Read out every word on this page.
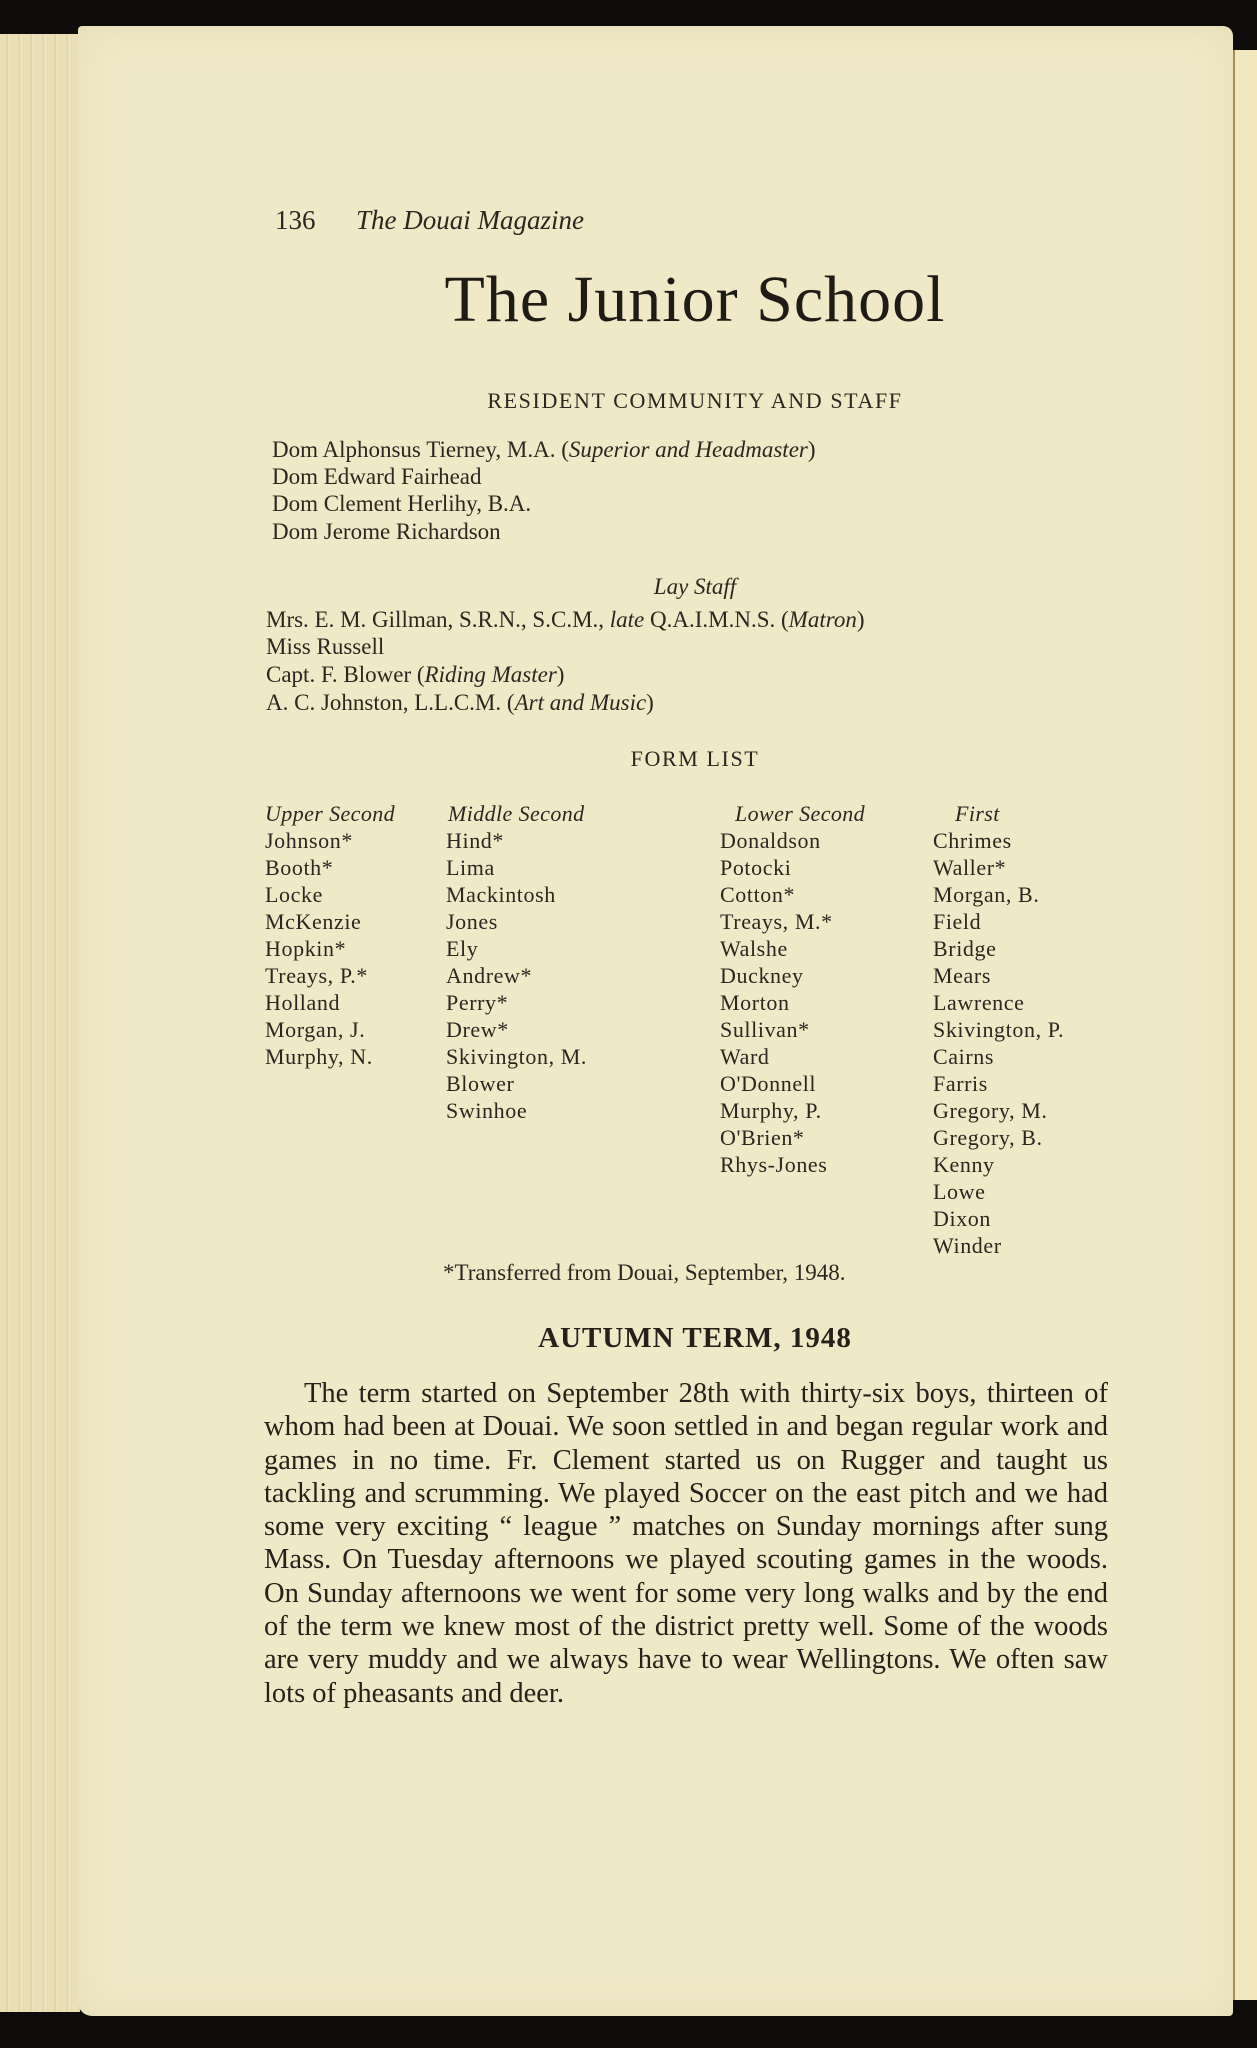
136 The Douai Magazine
The Junior School
RESIDENT COMMUNITY AND STAFF
Dom Alphonsus Tierney, M.A. (Superior and Headmaster)
Dom Edward Fairhead
Dom Clement Herlihy, B.A.
Dom Jerome Richardson
Lay Staff
Mrs. E. M. Gillman, S.R.N., S.C.M., late Q.A.I.M.N.S. (Matron)
Miss Russell
Capt. F. Blower (Riding Master)
A. C. Johnston, L.L.C.M. (Art and Music)
FORM LIST
Upper Second
Johnson*
Booth*
Locke
McKenzie
Hopkin*
Treays, P.*
Holland
Morgan, J.
Murphy, N.
Middle Second
Hind*
Lima
Mackintosh
Jones
Ely
Andrew*
Perry*
Drew*
Skivington, M.
Blower
Swinhoe
Lower Second
Donaldson
Potocki
Cotton*
Treays, M.*
Walshe
Duckney
Morton
Sullivan*
Ward
O'Donnell
Murphy, P.
O'Brien*
Rhys-Jones
First
Chrimes
Waller*
Morgan, B.
Field
Bridge
Mears
Lawrence
Skivington, P.
Cairns
Farris
Gregory, M.
Gregory, B.
Kenny
Lowe
Dixon
Winder
*Transferred from Douai, September, 1948.
AUTUMN TERM, 1948
The term started on September 28th with thirty-six boys, thirteen of whom had been at Douai. We soon settled in and began regular work and games in no time. Fr. Clement started us on Rugger and taught us tackling and scrumming. We played Soccer on the east pitch and we had some very exciting “ league ” matches on Sunday mornings after sung Mass. On Tuesday afternoons we played scouting games in the woods. On Sunday afternoons we went for some very long walks and by the end of the term we knew most of the district pretty well. Some of the woods are very muddy and we always have to wear Wellingtons. We often saw lots of pheasants and deer.
